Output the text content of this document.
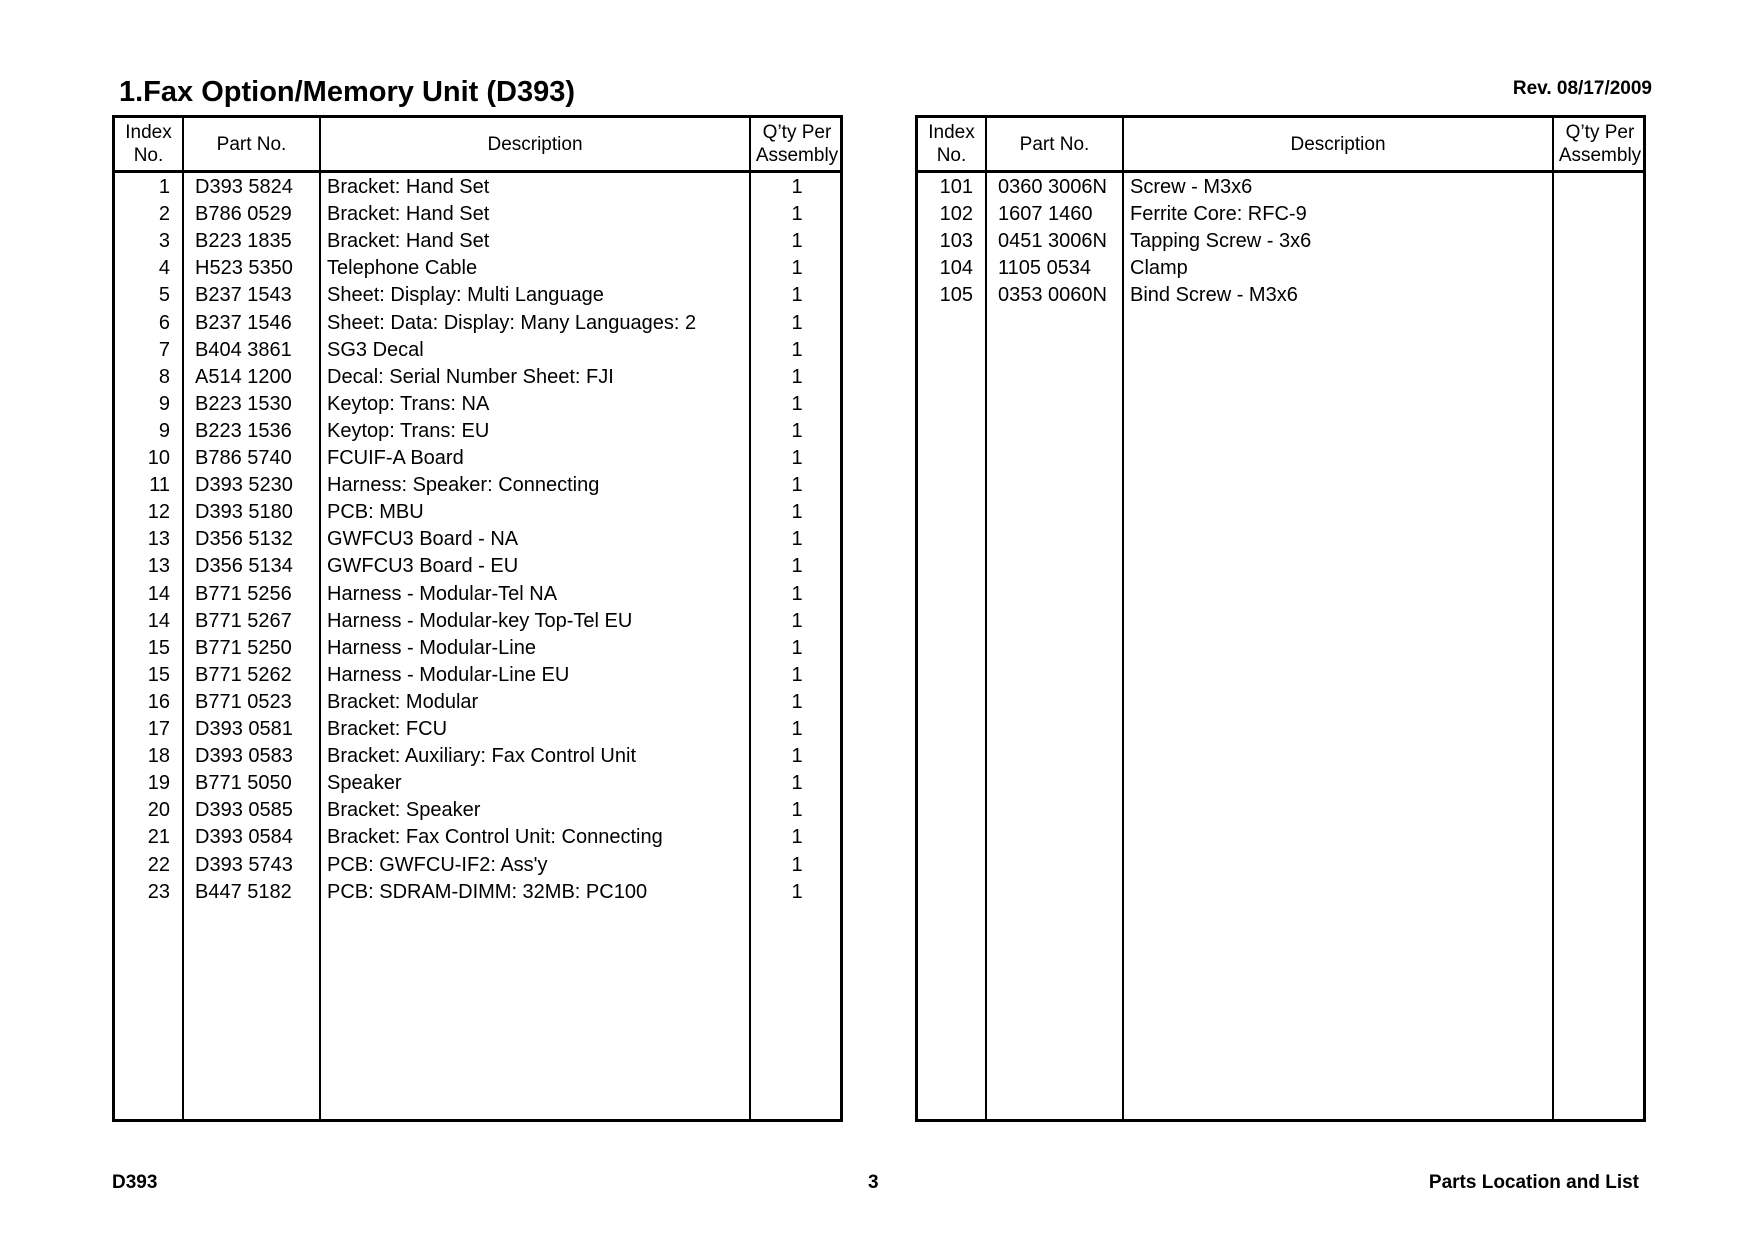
1.Fax Option/Memory Unit (D393)	Rev. 08/17/2009
Index
No.
Part No.	Description
Q’ty Per
Assembly
1 D393 5824 Bracket: Hand Set	1
2 B786 0529 Bracket: Hand Set	1
3 B223 1835 Bracket: Hand Set	1
4 H523 5350 Telephone Cable	1
5 B237 1543 Sheet: Display: Multi Language	1
6 B237 1546 Sheet: Data: Display: Many Languages: 2	1
7 B404 3861 SG3 Decal	1
8 A514 1200 Decal: Serial Number Sheet: FJI	1
9 B223 1530 Keytop: Trans: NA	1
9 B223 1536 Keytop: Trans: EU	1
10 B786 5740 FCUIF-A Board	1
11 D393 5230 Harness: Speaker: Connecting	1
12 D393 5180 PCB: MBU	1
13 D356 5132 GWFCU3 Board - NA	1
13 D356 5134 GWFCU3 Board - EU	1
14 B771 5256 Harness - Modular-Tel NA	1
14 B771 5267 Harness - Modular-key Top-Tel EU	1
15 B771 5250 Harness - Modular-Line	1
15 B771 5262 Harness - Modular-Line EU	1
16 B771 0523 Bracket: Modular	1
17 D393 0581 Bracket: FCU	1
18 D393 0583 Bracket: Auxiliary: Fax Control Unit	1
19 B771 5050 Speaker	1
20 D393 0585 Bracket: Speaker	1
21 D393 0584 Bracket: Fax Control Unit: Connecting	1
22 D393 5743 PCB: GWFCU-IF2: Ass'y	1
23 B447 5182 PCB: SDRAM-DIMM: 32MB: PC100	1
Index
No.
Part No.	Description
Q’ty Per
Assembly
101 0360 3006N Screw - M3x6
102 1607 1460 Ferrite Core: RFC-9
103 0451 3006N Tapping Screw - 3x6
104 1105 0534 Clamp
105 0353 0060N Bind Screw - M3x6
D393	3	Parts Location and List
